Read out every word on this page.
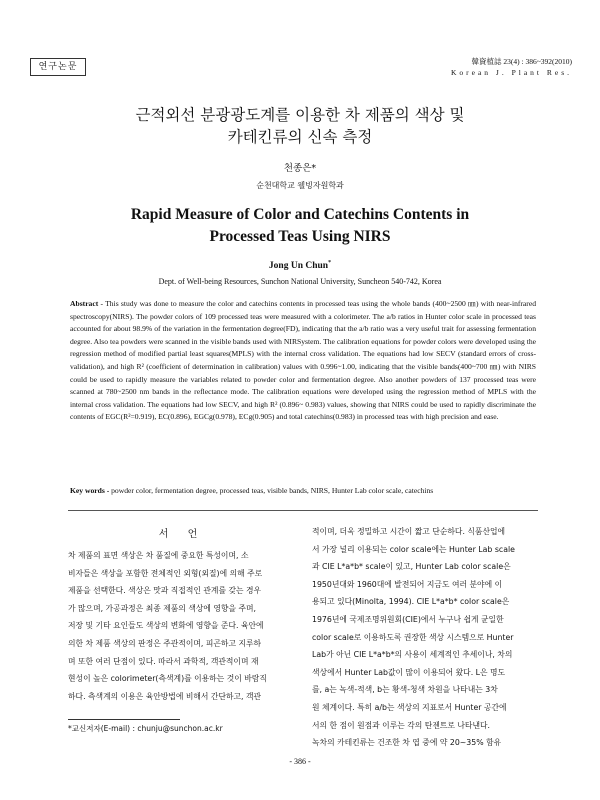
연구논문
韓資植誌 23(4) : 386~392(2010)
Korean J. Plant Res.
근적외선 분광광도계를 이용한 차 제품의 색상 및
카테킨류의 신속 측정
천종은*
순천대학교 웰빙자원학과
Rapid Measure of Color and Catechins Contents in
Processed Teas Using NIRS
Jong Un Chun*
Dept. of Well-being Resources, Sunchon National University, Suncheon 540-742, Korea
Abstract - This study was done to measure the color and catechins contents in processed teas using the whole bands (400~2500 ㎚) with near-infrared spectroscopy(NIRS). The powder colors of 109 processed teas were measured with a colorimeter. The a/b ratios in Hunter color scale in processed teas accounted for about 98.9% of the variation in the fermentation degree(FD), indicating that the a/b ratio was a very useful trait for assessing fermentation degree. Also tea powders were scanned in the visible bands used with NIRSystem. The calibration equations for powder colors were developed using the regression method of modified partial least squares(MPLS) with the internal cross validation. The equations had low SECV (standard errors of cross-validation), and high R² (coefficient of determination in calibration) values with 0.996~1.00, indicating that the visible bands(400~700 ㎚) with NIRS could be used to rapidly measure the variables related to powder color and fermentation degree. Also another powders of 137 processed teas were scanned at 780~2500 nm bands in the reflectance mode. The calibration equations were developed using the regression method of MPLS with the internal cross validation. The equations had low SECV, and high R² (0.896~ 0.983) values, showing that NIRS could be used to rapidly discriminate the contents of EGC(R²=0.919), EC(0.896), EGCg(0.978), ECg(0.905) and total catechins(0.983) in processed teas with high precision and ease.
Key words - powder color, fermentation degree, processed teas, visible bands, NIRS, Hunter Lab color scale, catechins
서 언
차 제품의 표면 색상은 차 품질에 중요한 특성이며, 소
비자들은 색상을 포함한 전체적인 외형(외질)에 의해 주로
제품을 선택한다. 색상은 맛과 직접적인 관계를 갖는 경우
가 많으며, 가공과정은 최종 제품의 색상에 영향을 주며,
저장 및 기타 요인들도 색상의 변화에 영향을 준다. 육안에
의한 차 제품 색상의 판정은 주관적이며, 피곤하고 지루하
며 또한 여러 단점이 있다. 따라서 과학적, 객관적이며 재
현성이 높은 colorimeter(측색계)를 이용하는 것이 바람직
하다. 측색계의 이용은 육안방법에 비해서 간단하고, 객관
적이며, 더욱 정밀하고 시간이 짧고 단순하다. 식품산업에
서 가장 널리 이용되는 color scale에는 Hunter Lab scale
과 CIE L*a*b* scale이 있고, Hunter Lab color scale은
1950년대와 1960대에 발전되어 지금도 여러 분야에 이
용되고 있다(Minolta, 1994). CIE L*a*b* color scale은
1976년에 국제조명위원회(CIE)에서 누구나 쉽게 균일한
color scale로 이용하도록 권장한 색상 시스템으로 Hunter
Lab가 아닌 CIE L*a*b*의 사용이 세계적인 추세이나, 차의
색상에서 Hunter Lab값이 많이 이용되어 왔다. L은 명도
를, a는 녹색-적색, b는 황색-청색 차원을 나타내는 3차
원 체계이다. 특히 a/b는 색상의 지표로서 Hunter 공간에
서의 한 점이 원점과 이루는 각의 탄젠트로 나타낸다.
녹차의 카테킨류는 건조한 차 엽 중에 약 20~35% 함유
*교신저자(E-mail) : chunju@sunchon.ac.kr
- 386 -
